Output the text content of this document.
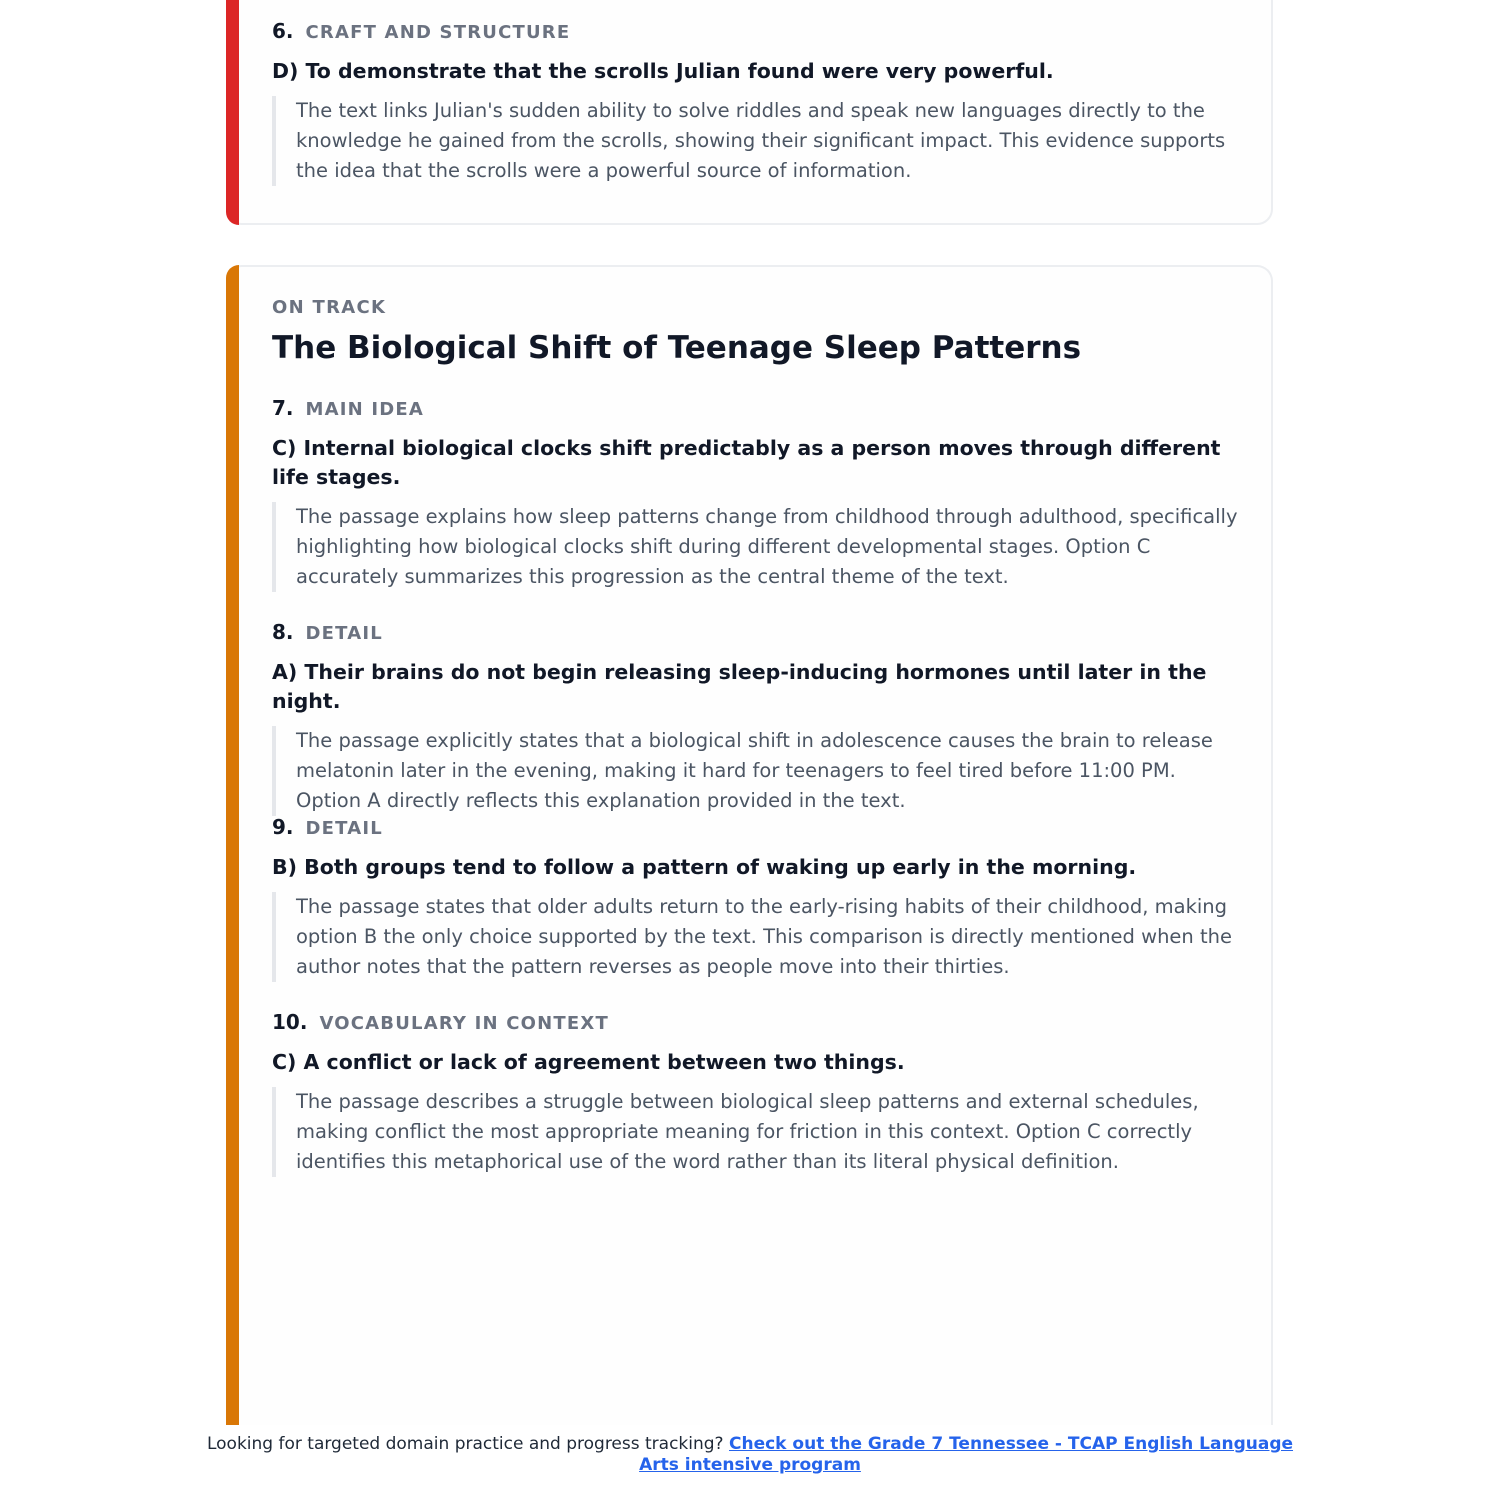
6. CRAFT AND STRUCTURE
D) To demonstrate that the scrolls Julian found were very powerful.

The text links Julian's sudden ability to solve riddles and speak new languages directly to the knowledge he gained from the scrolls, showing their significant impact. This evidence supports the idea that the scrolls were a powerful source of information.

ON TRACK
The Biological Shift of Teenage Sleep Patterns
7. MAIN IDEA
C) Internal biological clocks shift predictably as a person moves through different life stages.

The passage explains how sleep patterns change from childhood through adulthood, specifically highlighting how biological clocks shift during different developmental stages. Option C accurately summarizes this progression as the central theme of the text.

8. DETAIL
A) Their brains do not begin releasing sleep-inducing hormones until later in the night.

The passage explicitly states that a biological shift in adolescence causes the brain to release melatonin later in the evening, making it hard for teenagers to feel tired before 11:00 PM. Option A directly reflects this explanation provided in the text.

9. DETAIL
B) Both groups tend to follow a pattern of waking up early in the morning.

The passage states that older adults return to the early-rising habits of their childhood, making option B the only choice supported by the text. This comparison is directly mentioned when the author notes that the pattern reverses as people move into their thirties.

10. VOCABULARY IN CONTEXT
C) A conflict or lack of agreement between two things.

The passage describes a struggle between biological sleep patterns and external schedules, making conflict the most appropriate meaning for friction in this context. Option C correctly identifies this metaphorical use of the word rather than its literal physical definition.

Looking for targeted domain practice and progress tracking? Check out the Grade 7 Tennessee - TCAP English Language Arts intensive program
